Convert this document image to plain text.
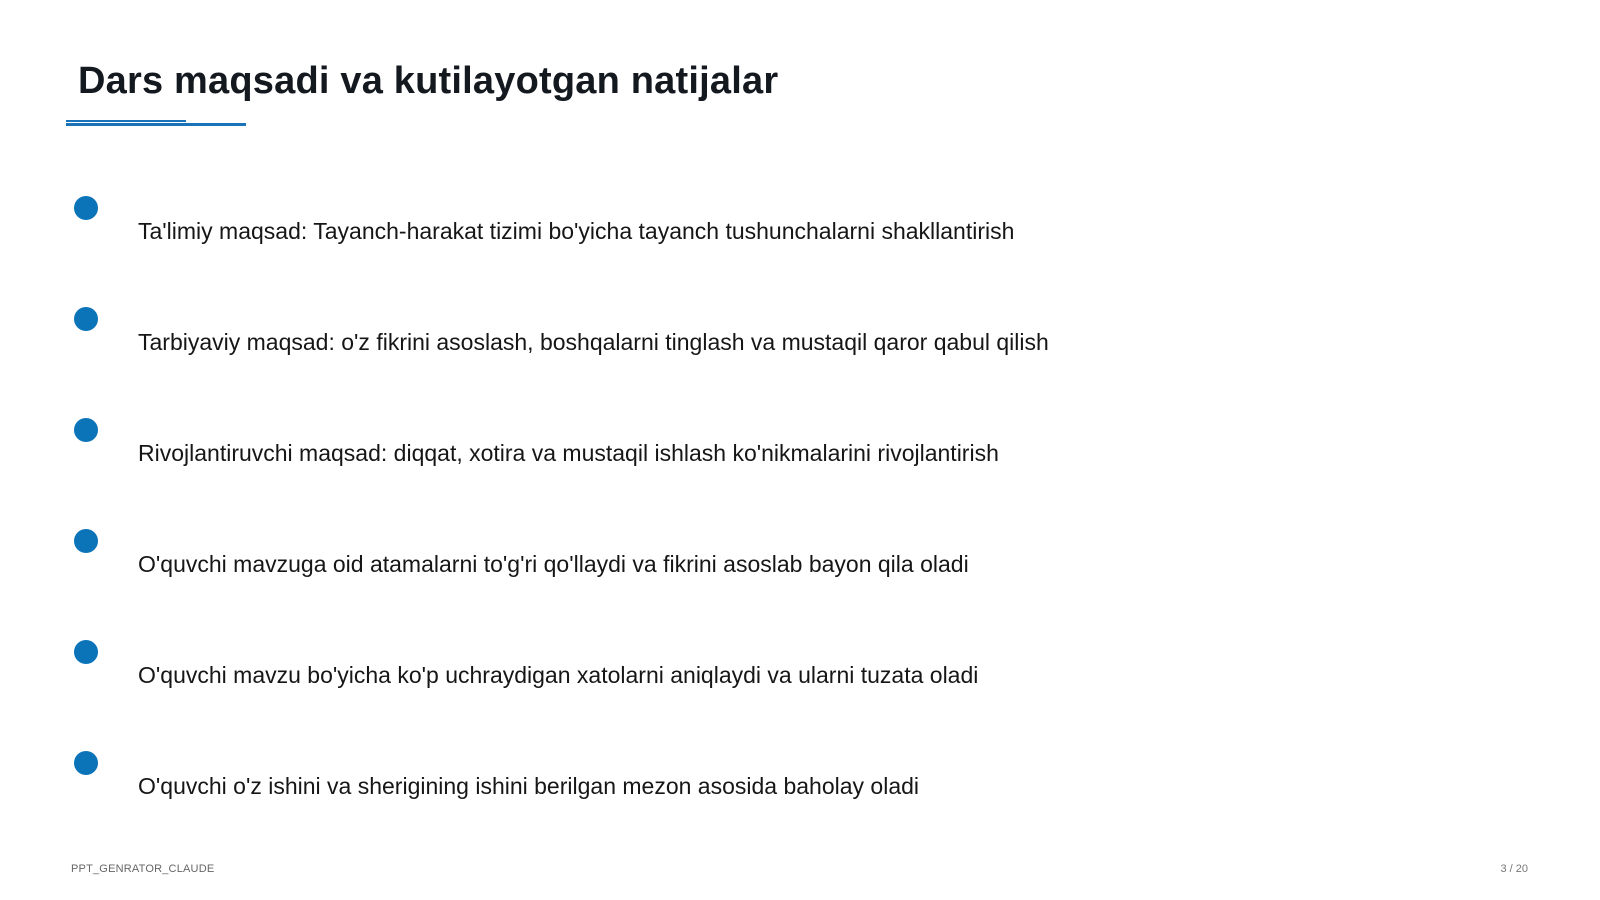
Dars maqsadi va kutilayotgan natijalar
Ta'limiy maqsad: Tayanch-harakat tizimi bo'yicha tayanch tushunchalarni shakllantirish
Tarbiyaviy maqsad: o'z fikrini asoslash, boshqalarni tinglash va mustaqil qaror qabul qilish
Rivojlantiruvchi maqsad: diqqat, xotira va mustaqil ishlash ko'nikmalarini rivojlantirish
O'quvchi mavzuga oid atamalarni to'g'ri qo'llaydi va fikrini asoslab bayon qila oladi
O'quvchi mavzu bo'yicha ko'p uchraydigan xatolarni aniqlaydi va ularni tuzata oladi
O'quvchi o'z ishini va sherigining ishini berilgan mezon asosida baholay oladi
PPT_GENRATOR_CLAUDE	3 / 20
